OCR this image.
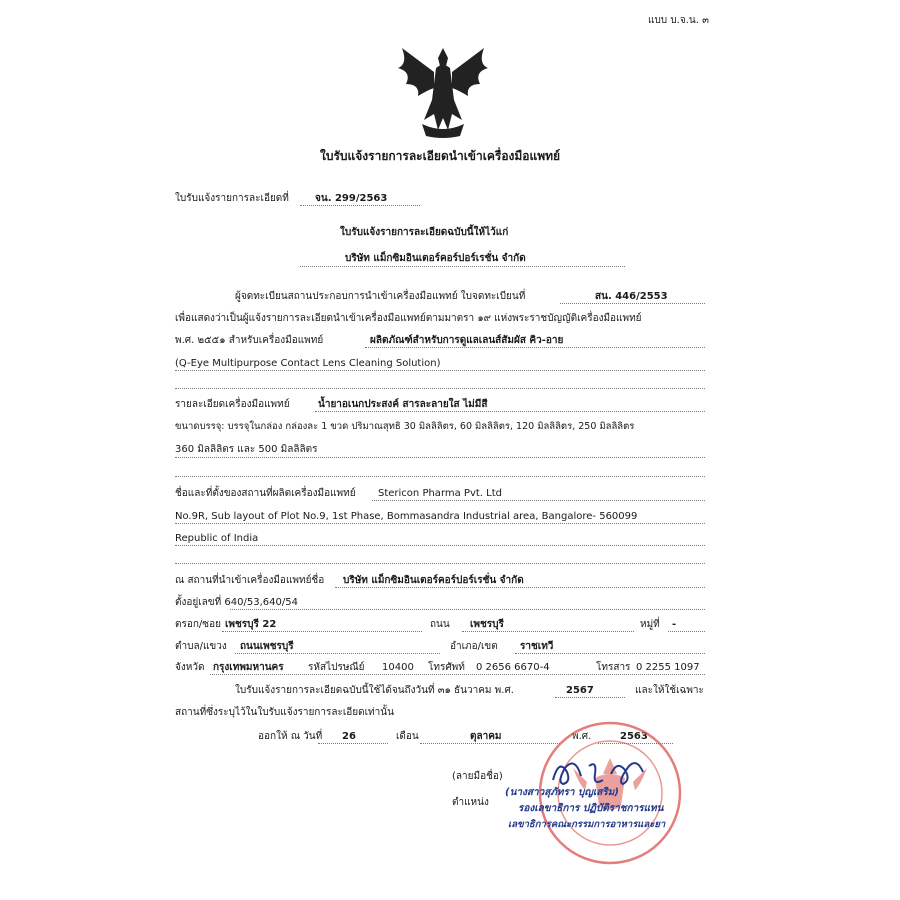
แบบ บ.จ.น. ๓
ใบรับแจ้งรายการละเอียดนำเข้าเครื่องมือแพทย์
ใบรับแจ้งรายการละเอียดที่	จน. 299/2563
ใบรับแจ้งรายการละเอียดฉบับนี้ให้ไว้แก่
บริษัท แม็กซิมอินเตอร์คอร์ปอร์เรชั่น จำกัด
ผู้จดทะเบียนสถานประกอบการนำเข้าเครื่องมือแพทย์ ใบจดทะเบียนที่	สน. 446/2553
เพื่อแสดงว่าเป็นผู้แจ้งรายการละเอียดนำเข้าเครื่องมือแพทย์ตามมาตรา ๑๙ แห่งพระราชบัญญัติเครื่องมือแพทย์
พ.ศ. ๒๕๕๑ สำหรับเครื่องมือแพทย์	ผลิตภัณฑ์สำหรับการดูแลเลนส์สัมผัส คิว-อาย
(Q-Eye Multipurpose Contact Lens Cleaning Solution)
รายละเอียดเครื่องมือแพทย์	น้ำยาอเนกประสงค์ สารละลายใส ไม่มีสี
ขนาดบรรจุ: บรรจุในกล่อง กล่องละ 1 ขวด ปริมาณสุทธิ 30 มิลลิลิตร, 60 มิลลิลิตร, 120 มิลลิลิตร, 250 มิลลิลิตร
360 มิลลิลิตร และ 500 มิลลิลิตร
ชื่อและที่ตั้งของสถานที่ผลิตเครื่องมือแพทย์ Stericon Pharma Pvt. Ltd
No.9R, Sub layout of Plot No.9, 1st Phase, Bommasandra Industrial area, Bangalore- 560099
Republic of India
ณ สถานที่นำเข้าเครื่องมือแพทย์ชื่อ บริษัท แม็กซิมอินเตอร์คอร์ปอร์เรชั่น จำกัด
ตั้งอยู่เลขที่ 640/53,640/54
ตรอก/ซอย เพชรบุรี 22	ถนน เพชรบุรี	หมู่ที่ -
ตำบล/แขวง ถนนเพชรบุรี	อำเภอ/เขต ราชเทวี
จังหวัด กรุงเทพมหานคร รหัสไปรษณีย์ 10400 โทรศัพท์ 0 2656 6670-4	โทรสาร 0 2255 1097
ใบรับแจ้งรายการละเอียดฉบับนี้ใช้ได้จนถึงวันที่ ๓๑ ธันวาคม พ.ศ.	2567	และให้ใช้เฉพาะ
สถานที่ซึ่งระบุไว้ในใบรับแจ้งรายการละเอียดเท่านั้น
ออกให้ ณ วันที่ 26	เดือน	ตุลาคม	พ.ศ.	2563
(ลายมือชื่อ)
ตำแหน่ง
(นางสาวสุภัทรา บุญเสริม)
รองเลขาธิการ ปฏิบัติราชการแทน
เลขาธิการคณะกรรมการอาหารและยา
